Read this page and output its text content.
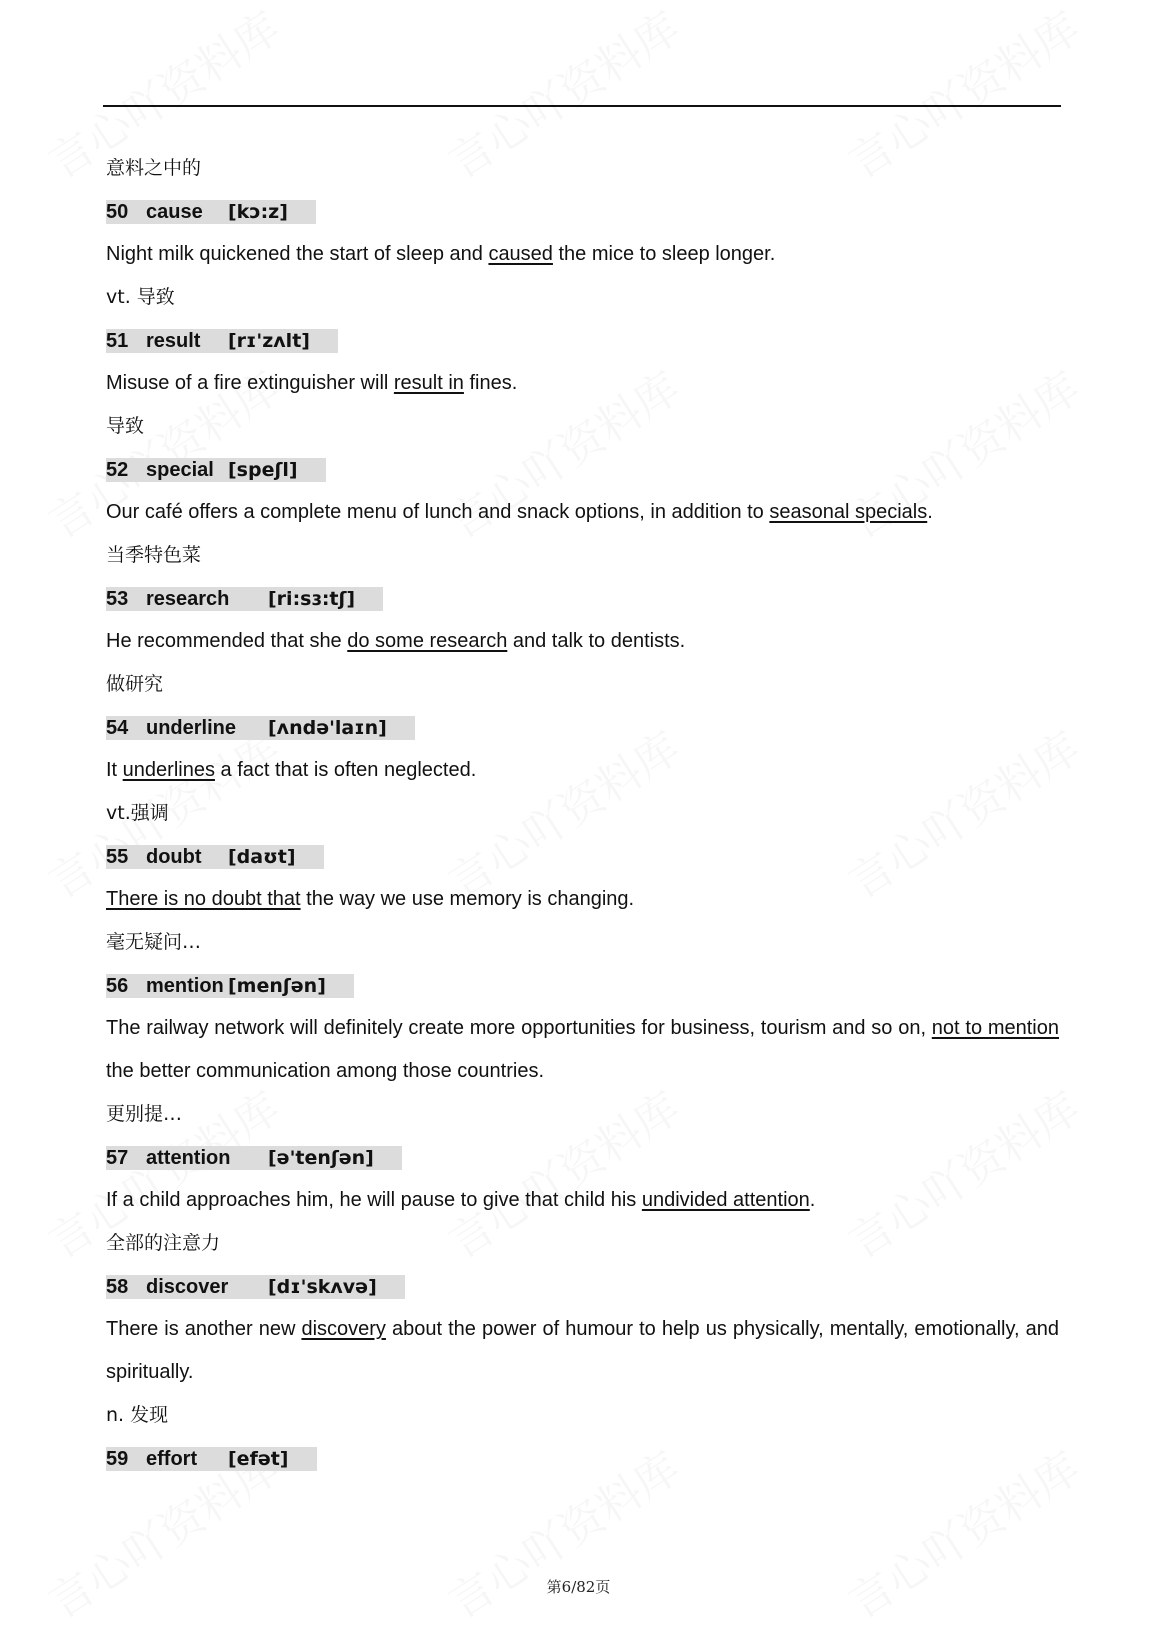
意料之中的

50 cause [kɔ:z]

Night milk quickened the start of sleep and caused the mice to sleep longer.

vt. 导致

51 result [rɪ'zʌlt]

Misuse of a fire extinguisher will result in fines.

导致

52 special [speʃl]

Our café offers a complete menu of lunch and snack options, in addition to seasonal specials.

当季特色菜

53 research [ri:sɜ:tʃ]

He recommended that she do some research and talk to dentists.

做研究

54 underline [ʌndə'laɪn]

It underlines a fact that is often neglected.

vt.强调

55 doubt [daʊt]

There is no doubt that the way we use memory is changing.

毫无疑问…

56 mention [menʃən]

The railway network will definitely create more opportunities for business, tourism and so on, not to mention the better communication among those countries.

更别提…

57 attention [ə'tenʃən]

If a child approaches him, he will pause to give that child his undivided attention.

全部的注意力

58 discover [dɪ'skʌvə]

There is another new discovery about the power of humour to help us physically, mentally, emotionally, and spiritually.

n. 发现

59 effort [efət]
第6/82页
